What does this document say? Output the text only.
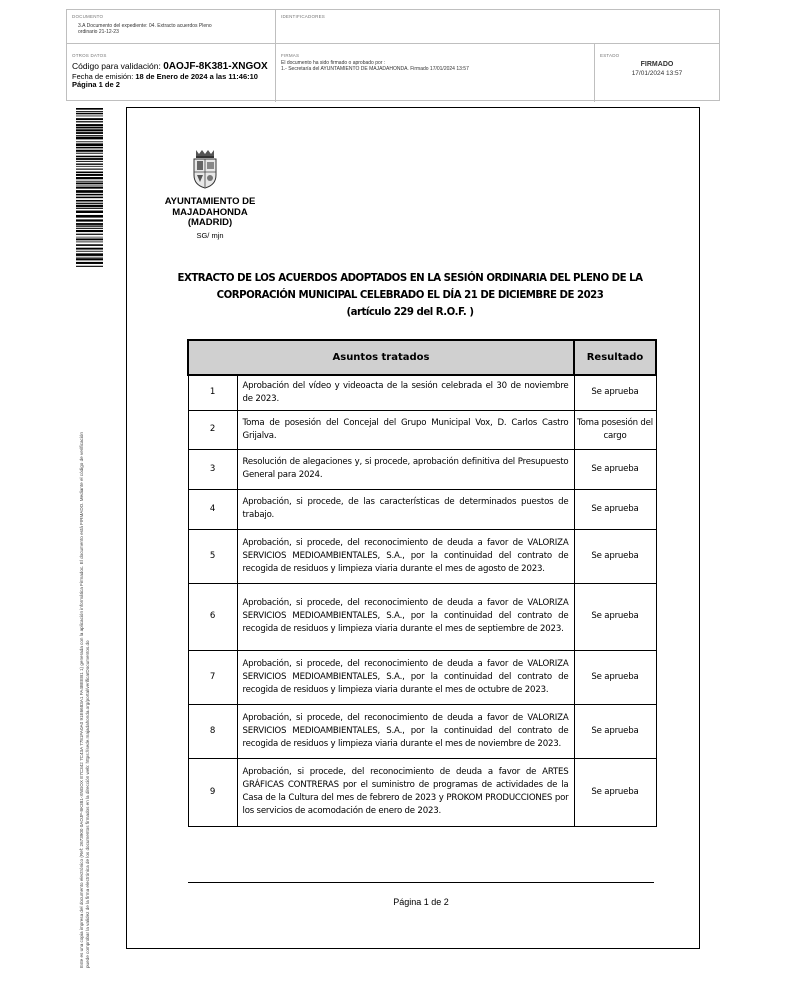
DOCUMENTO
3.A Documento del expediente: 04. Extracto acuerdos Pleno ordinario 21-12-23
IDENTIFICADORES
OTROS DATOS
Código para validación: 0AOJF-8K381-XNGOX
Fecha de emisión: 18 de Enero de 2024 a las 11:46:10
Página 1 de 2
FIRMAS
El documento ha sido firmado o aprobado por :
1.- Secretaría del AYUNTAMIENTO DE MAJADAHONDA. Firmado 17/01/2024 13:57
ESTADO
FIRMADO
17/01/2024 13:57
Este es una copia impresa del documento electrónico (Ref: 2673900 0AOJF-8K381-XNGOX E7C342 7C43A 7781FA0A0 91E6683A1 FA4BEEB1 1) generada con la aplicación informática Firmadoc. El documento está FIRMADO. Mediante el código de verificación puede comprobar la validez de la firma electrónica de los documentos firmados en la dirección web: https://sede.majadahonda.org/portal/verificarDocumentos.do
AYUNTAMIENTO DE MAJADAHONDA (MADRID)
SG/ mjn
EXTRACTO DE LOS ACUERDOS ADOPTADOS EN LA SESIÓN ORDINARIA DEL PLENO DE LA
CORPORACIÓN MUNICIPAL CELEBRADO EL DÍA 21 DE DICIEMBRE DE 2023
(artículo 229 del R.O.F. )
Asuntos tratados		Resultado
1	Aprobación del vídeo y videoacta de la sesión celebrada el 30 de noviembre de 2023.	Se aprueba
2	Toma de posesión del Concejal del Grupo Municipal Vox, D. Carlos Castro Grijalva.	Toma posesión del cargo
3	Resolución de alegaciones y, si procede, aprobación definitiva del Presupuesto General para 2024.	Se aprueba
4	Aprobación, si procede, de las características de determinados puestos de trabajo.	Se aprueba
5	Aprobación, si procede, del reconocimiento de deuda a favor de VALORIZA SERVICIOS MEDIOAMBIENTALES, S.A., por la continuidad del contrato de recogida de residuos y limpieza viaria durante el mes de agosto de 2023.	Se aprueba
6	Aprobación, si procede, del reconocimiento de deuda a favor de VALORIZA SERVICIOS MEDIOAMBIENTALES, S.A., por la continuidad del contrato de recogida de residuos y limpieza viaria durante el mes de septiembre de 2023.	Se aprueba
7	Aprobación, si procede, del reconocimiento de deuda a favor de VALORIZA SERVICIOS MEDIOAMBIENTALES, S.A., por la continuidad del contrato de recogida de residuos y limpieza viaria durante el mes de octubre de 2023.	Se aprueba
8	Aprobación, si procede, del reconocimiento de deuda a favor de VALORIZA SERVICIOS MEDIOAMBIENTALES, S.A., por la continuidad del contrato de recogida de residuos y limpieza viaria durante el mes de noviembre de 2023.	Se aprueba
9	Aprobación, si procede, del reconocimiento de deuda a favor de ARTES GRÁFICAS CONTRERAS por el suministro de programas de actividades de la Casa de la Cultura del mes de febrero de 2023 y PROKOM PRODUCCIONES por los servicios de acomodación de enero de 2023.	Se aprueba
Página 1 de 2
